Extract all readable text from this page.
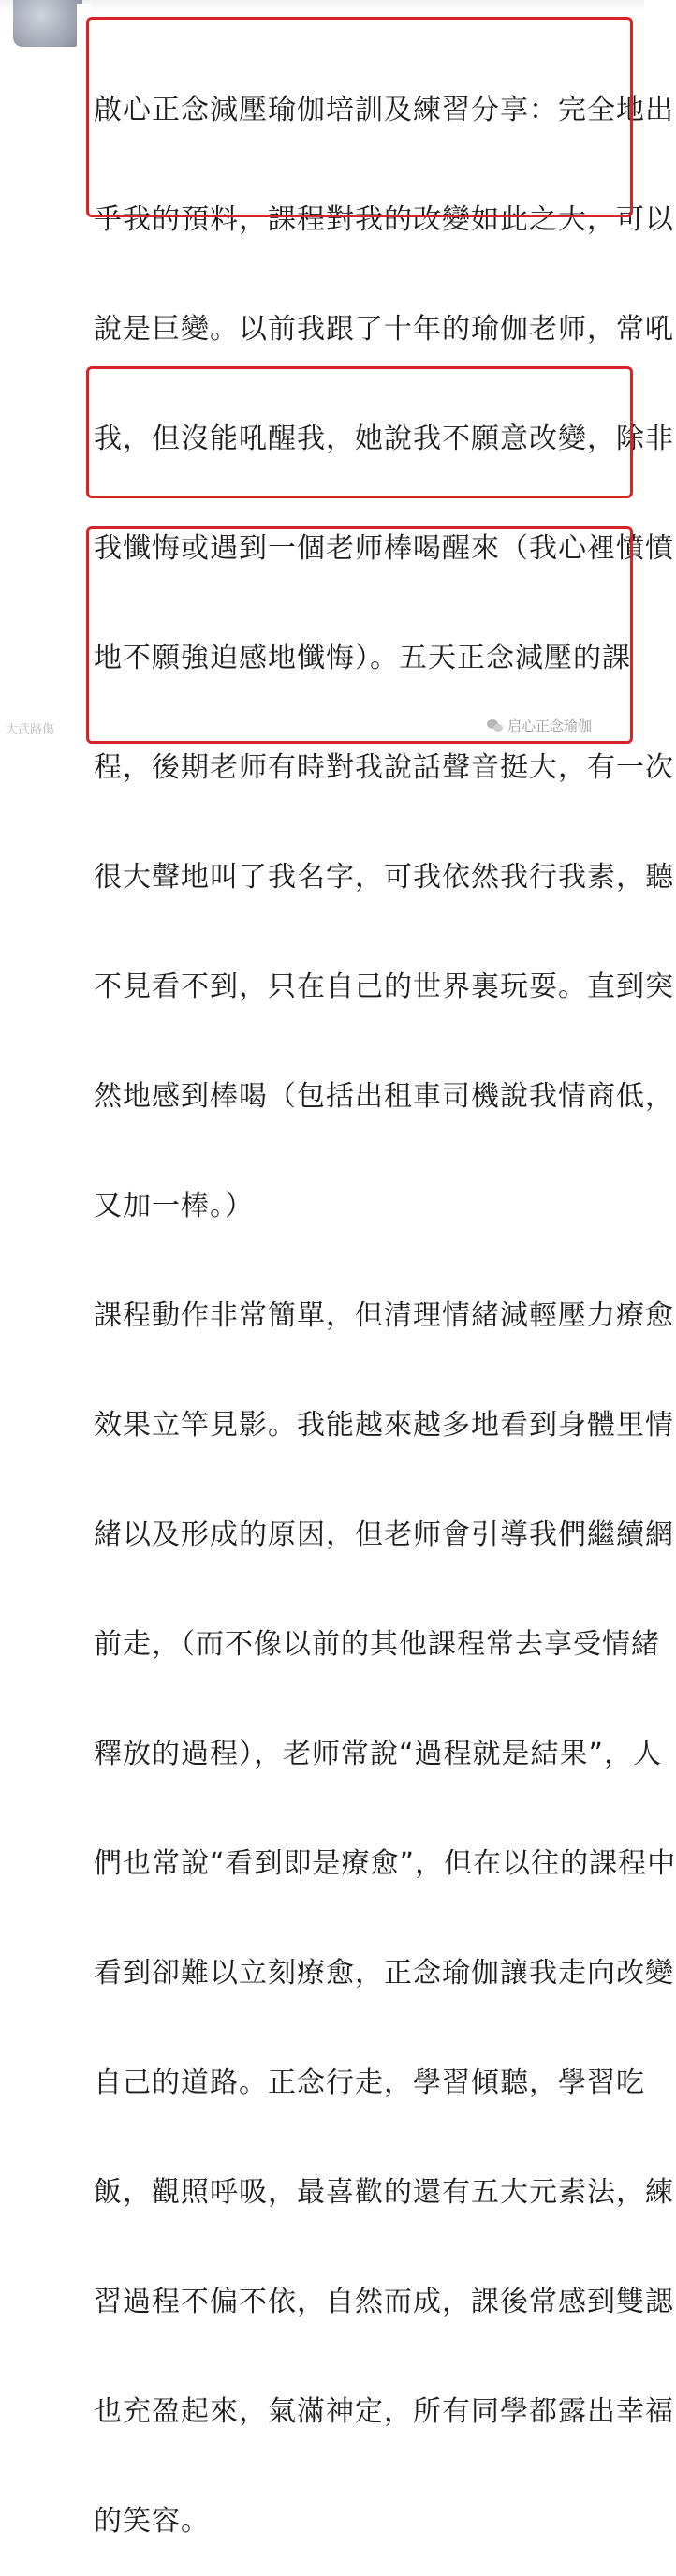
啟心正念減壓瑜伽培訓及練習分享：完全地出

乎我的預料，課程對我的改變如此之大，可以

說是巨變。以前我跟了十年的瑜伽老师，常吼

我，但沒能吼醒我，她說我不願意改變，除非

我懺悔或遇到一個老师棒喝醒來（我心裡憤憤

地不願強迫感地懺悔）。五天正念減壓的課

程，後期老师有時對我說話聲音挺大，有一次

很大聲地叫了我名字，可我依然我行我素，聽

不見看不到，只在自己的世界裏玩耍。直到突

然地感到棒喝（包括出租車司機說我情商低，

又加一棒。）

課程動作非常簡單，但清理情緒減輕壓力療愈

效果立竿見影。我能越來越多地看到身體里情

緒以及形成的原因，但老师會引導我們繼續網

前走，（而不像以前的其他課程常去享受情緒

釋放的過程），老师常說“過程就是結果”，人

們也常說“看到即是療愈”，但在以往的課程中

看到卻難以立刻療愈，正念瑜伽讓我走向改變

自己的道路。正念行走，學習傾聽，學習吃

飯，觀照呼吸，最喜歡的還有五大元素法，練

習過程不偏不依，自然而成，課後常感到雙諰

也充盈起來，氣滿神定，所有同學都露出幸福

的笑容。

大武路傷	启心正念瑜伽
